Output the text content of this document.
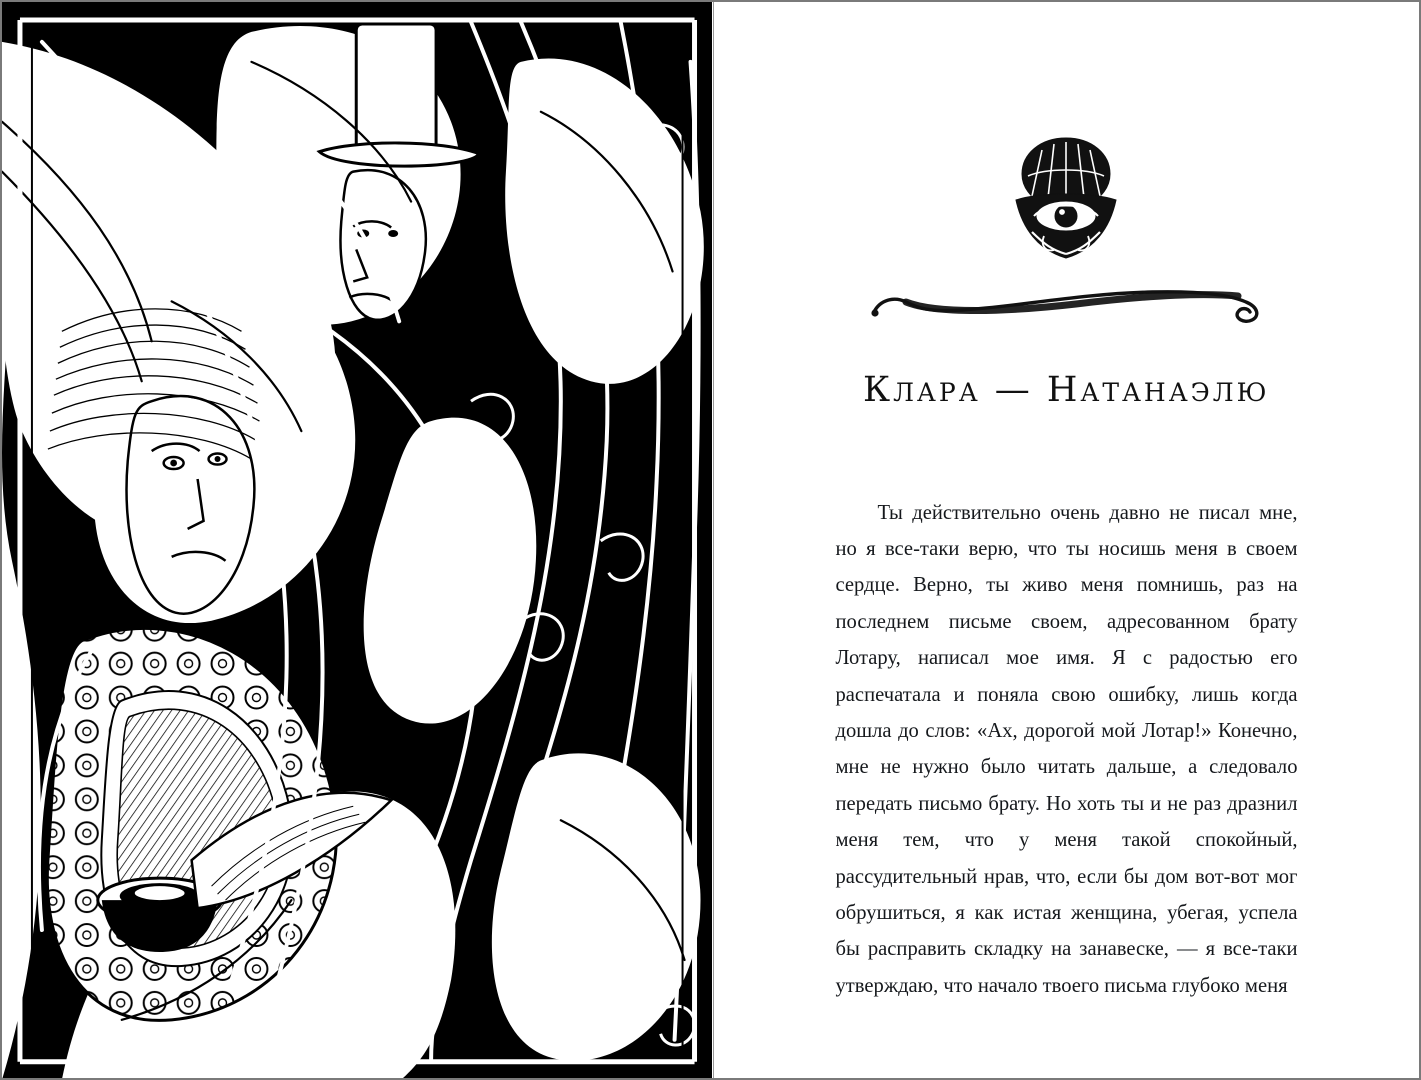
Клара — Натанаэлю

Ты действительно очень давно не писал мне, но я все-таки верю, что ты носишь меня в своем сердце. Верно, ты живо меня помнишь, раз на последнем письме своем, адресованном брату Лотару, написал мое имя. Я с радостью его распечатала и поняла свою ошибку, лишь когда дошла до слов: «Ах, дорогой мой Лотар!» Конечно, мне не нужно было читать дальше, а следовало передать письмо брату. Но хоть ты и не раз дразнил меня тем, что у меня такой спокойный, рассудительный нрав, что, если бы дом вот-вот мог обрушиться, я как истая женщина, убегая, успела бы расправить складку на занавеске, — я все-таки утверждаю, что начало твоего письма глубоко меня
